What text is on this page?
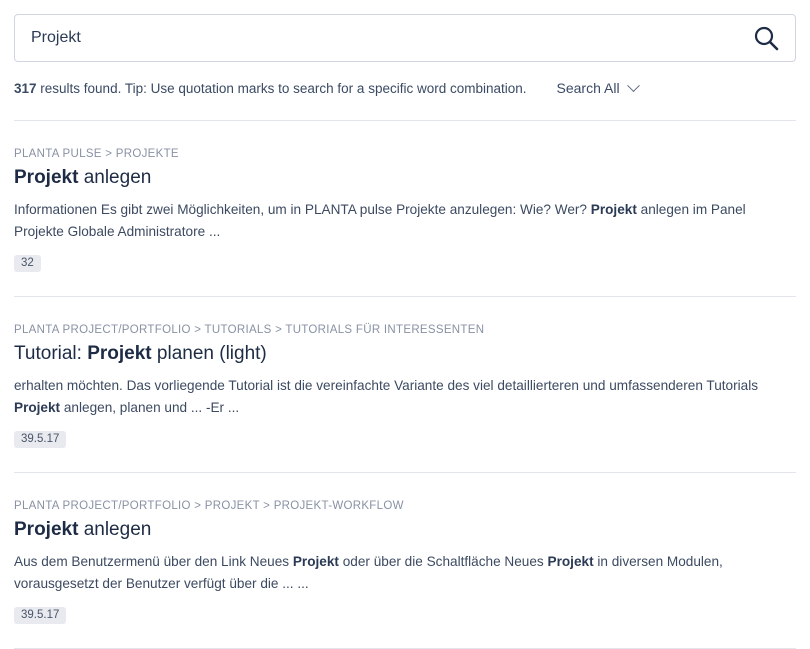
Projekt
317 results found. Tip: Use quotation marks to search for a specific word combination. Search All
PLANTA PULSE > PROJEKTE
Projekt anlegen
Informationen Es gibt zwei Möglichkeiten, um in PLANTA pulse Projekte anzulegen: Wie? Wer? Projekt anlegen im Panel Projekte Globale Administratore ...
32
PLANTA PROJECT/PORTFOLIO > TUTORIALS > TUTORIALS FÜR INTERESSENTEN
Tutorial: Projekt planen (light)
erhalten möchten. Das vorliegende Tutorial ist die vereinfachte Variante des viel detaillierteren und umfassenderen Tutorials Projekt anlegen, planen und ... -Er ...
39.5.17
PLANTA PROJECT/PORTFOLIO > PROJEKT > PROJEKT-WORKFLOW
Projekt anlegen
Aus dem Benutzermenü über den Link Neues Projekt oder über die Schaltfläche Neues Projekt in diversen Modulen, vorausgesetzt der Benutzer verfügt über die ... ...
39.5.17
